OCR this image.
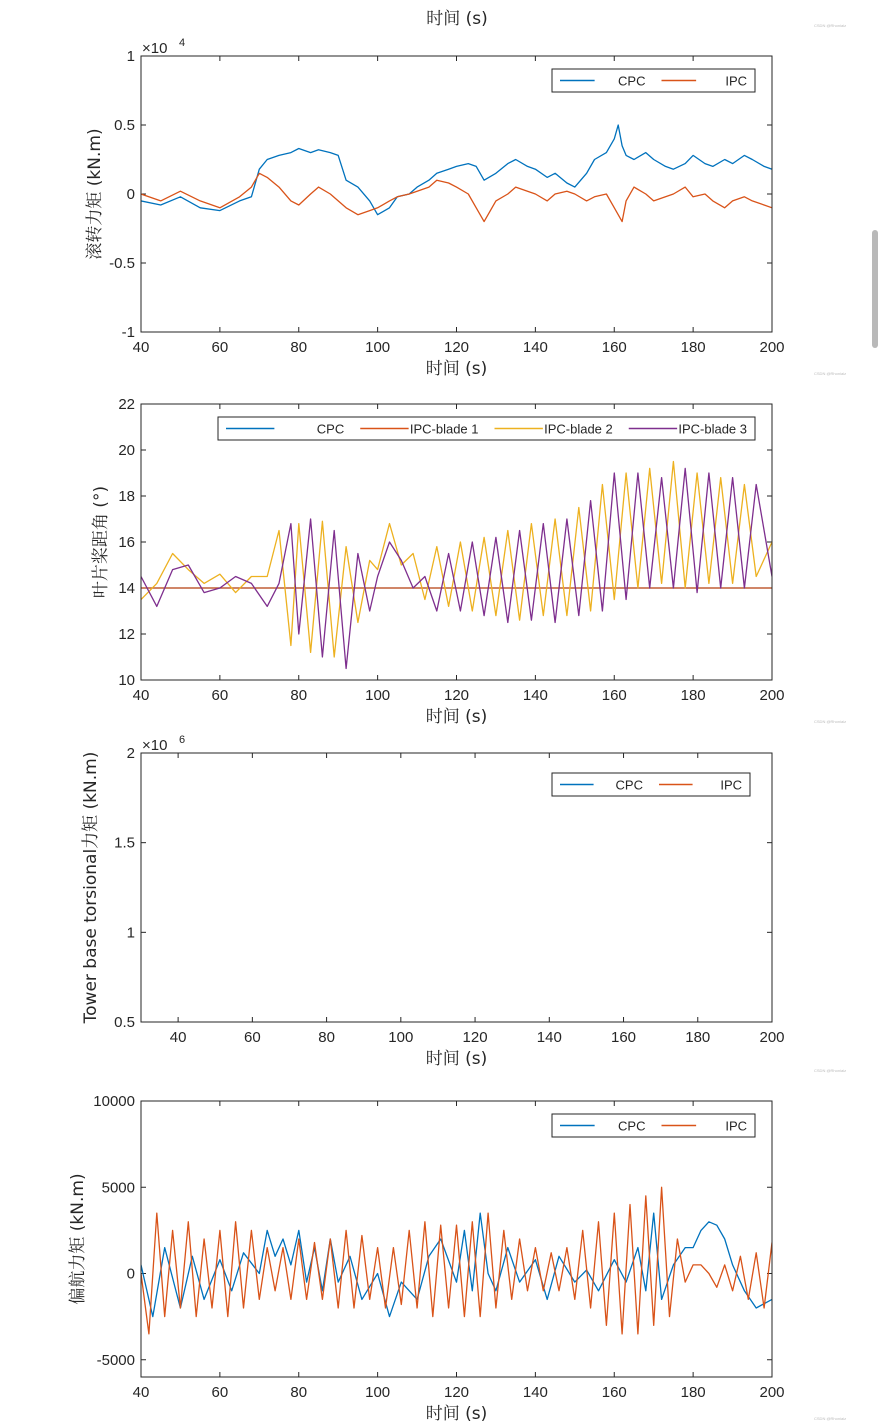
时间 (s)
40	60	80	100	120	140	160	180	200
-1
-0.5
0
0.5
1
时间 (s)
滚转力矩 (kN.m)
×10 4
CPC	IPC
40	60	80	100	120	140	160	180	200
10
12
14
16
18
20
22
时间 (s)
叶片桨距角 (°)
CPC	IPC-blade 1	IPC-blade 2	IPC-blade 3
40	60	80	100	120	140	160	180	200
0.5
1
1.5
2
时间 (s)
Tower base torsional力矩 (kN.m)
×10 6
CPC	IPC
40	60	80	100	120	140	160	180	200
-5000
0
5000
10000
时间 (s)
偏航力矩 (kN.m)
CPC	IPC
CSDN @Rhoniaiz
CSDN @Rhoniaiz
CSDN @Rhoniaiz
CSDN @Rhoniaiz
CSDN @Rhoniaiz
